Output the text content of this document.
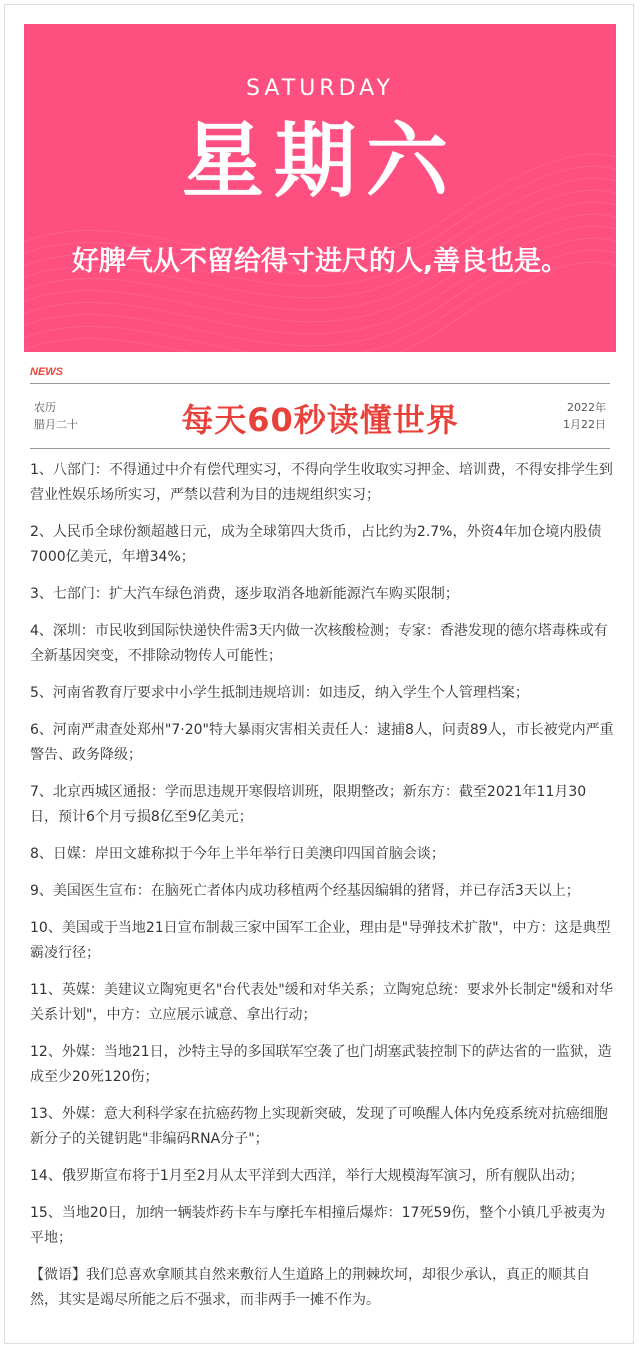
SATURDAY
星期六
好脾气从不留给得寸进尺的人,善良也是。
NEWS
农历
腊月二十	每天60秒读懂世界	2022年
1月22日
1、八部门：不得通过中介有偿代理实习，不得向学生收取实习押金、培训费，不得安排学生到营业性娱乐场所实习，严禁以营利为目的违规组织实习；
2、人民币全球份额超越日元，成为全球第四大货币，占比约为2.7%，外资4年加仓境内股债7000亿美元，年增34%；
3、七部门：扩大汽车绿色消费，逐步取消各地新能源汽车购买限制；
4、深圳：市民收到国际快递快件需3天内做一次核酸检测；专家：香港发现的德尔塔毒株或有全新基因突变，不排除动物传人可能性；
5、河南省教育厅要求中小学生抵制违规培训：如违反，纳入学生个人管理档案；
6、河南严肃查处郑州"7·20"特大暴雨灾害相关责任人：逮捕8人，问责89人，市长被党内严重警告、政务降级；
7、北京西城区通报：学而思违规开寒假培训班，限期整改；新东方：截至2021年11月30日，预计6个月亏损8亿至9亿美元；
8、日媒：岸田文雄称拟于今年上半年举行日美澳印四国首脑会谈；
9、美国医生宣布：在脑死亡者体内成功移植两个经基因编辑的猪肾，并已存活3天以上；
10、美国或于当地21日宣布制裁三家中国军工企业，理由是"导弹技术扩散"，中方：这是典型霸凌行径；
11、英媒：美建议立陶宛更名"台代表处"缓和对华关系；立陶宛总统：要求外长制定"缓和对华关系计划"，中方：立应展示诚意、拿出行动；
12、外媒：当地21日，沙特主导的多国联军空袭了也门胡塞武装控制下的萨达省的一监狱，造成至少20死120伤；
13、外媒：意大利科学家在抗癌药物上实现新突破，发现了可唤醒人体内免疫系统对抗癌细胞新分子的关键钥匙"非编码RNA分子"；
14、俄罗斯宣布将于1月至2月从太平洋到大西洋，举行大规模海军演习，所有舰队出动；
15、当地20日，加纳一辆装炸药卡车与摩托车相撞后爆炸：17死59伤，整个小镇几乎被夷为平地；
【微语】我们总喜欢拿顺其自然来敷衍人生道路上的荆棘坎坷，却很少承认，真正的顺其自然，其实是竭尽所能之后不强求，而非两手一摊不作为。
